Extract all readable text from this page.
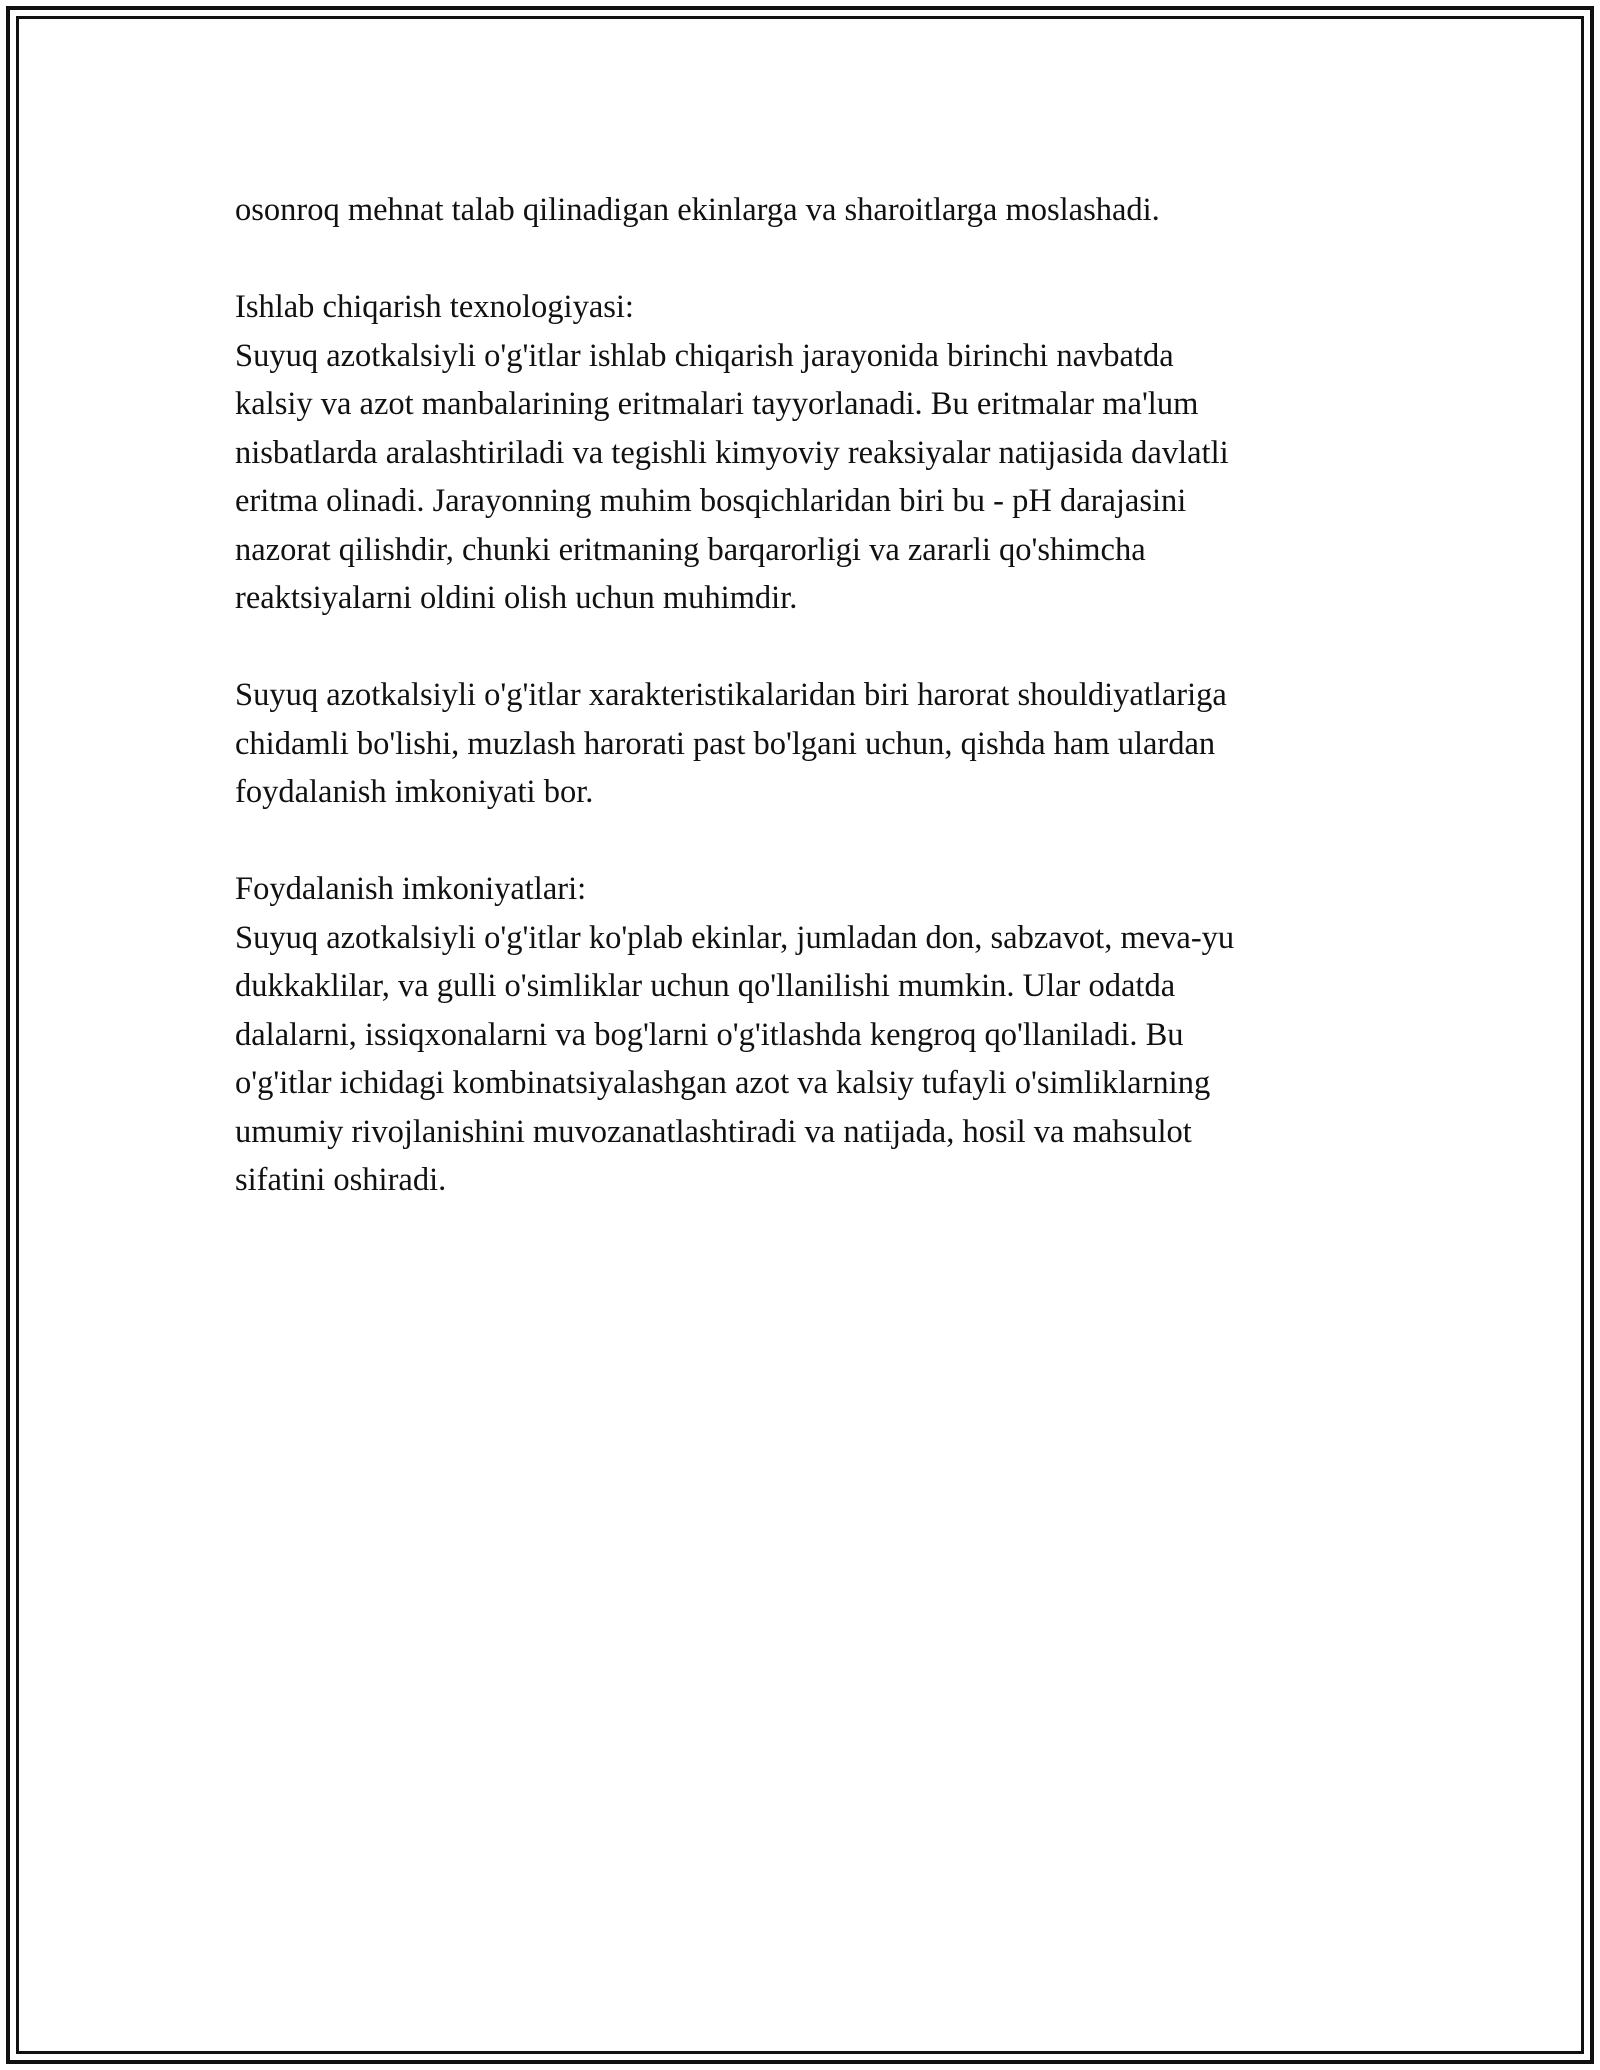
osonroq mehnat talab qilinadigan ekinlarga va sharoitlarga moslashadi.
Ishlab chiqarish texnologiyasi:
Suyuq azotkalsiyli o'g'itlar ishlab chiqarish jarayonida birinchi navbatda
kalsiy va azot manbalarining eritmalari tayyorlanadi. Bu eritmalar ma'lum
nisbatlarda aralashtiriladi va tegishli kimyoviy reaksiyalar natijasida davlatli
eritma olinadi. Jarayonning muhim bosqichlaridan biri bu - pH darajasini
nazorat qilishdir, chunki eritmaning barqarorligi va zararli qo'shimcha
reaktsiyalarni oldini olish uchun muhimdir.
Suyuq azotkalsiyli o'g'itlar xarakteristikalaridan biri harorat shouldiyatlariga
chidamli bo'lishi, muzlash harorati past bo'lgani uchun, qishda ham ulardan
foydalanish imkoniyati bor.
Foydalanish imkoniyatlari:
Suyuq azotkalsiyli o'g'itlar ko'plab ekinlar, jumladan don, sabzavot, meva-yu
dukkaklilar, va gulli o'simliklar uchun qo'llanilishi mumkin. Ular odatda
dalalarni, issiqxonalarni va bog'larni o'g'itlashda kengroq qo'llaniladi. Bu
o'g'itlar ichidagi kombinatsiyalashgan azot va kalsiy tufayli o'simliklarning
umumiy rivojlanishini muvozanatlashtiradi va natijada, hosil va mahsulot
sifatini oshiradi.
